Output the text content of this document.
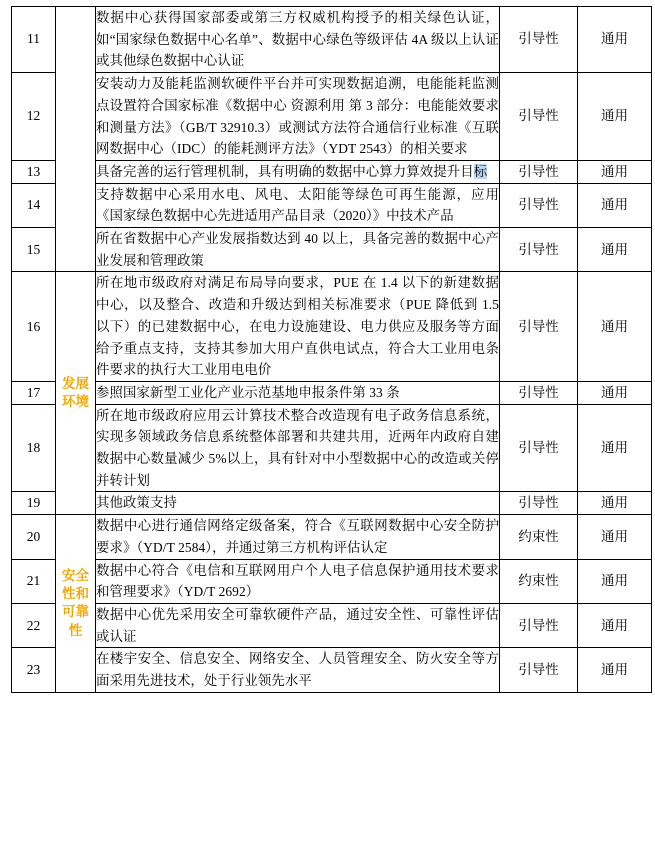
11		数据中心获得国家部委或第三方权威机构授予的相关绿色认证，如“国家绿色数据中心名单”、数据中心绿色等级评估 4A 级以上认证或其他绿色数据中心认证	引导性	通用
12		安装动力及能耗监测软硬件平台并可实现数据追溯，电能能耗监测点设置符合国家标准《数据中心 资源利用 第 3 部分：电能能效要求和测量方法》（GB/T 32910.3）或测试方法符合通信行业标准《互联网数据中心（IDC）的能耗测评方法》（YDT 2543）的相关要求	引导性	通用
13		具备完善的运行管理机制，具有明确的数据中心算力算效提升目标	引导性	通用
14		支持数据中心采用水电、风电、太阳能等绿色可再生能源，应用《国家绿色数据中心先进适用产品目录（2020）》中技术产品	引导性	通用
15		所在省数据中心产业发展指数达到 40 以上，具备完善的数据中心产业发展和管理政策	引导性	通用
16	发展环境	所在地市级政府对满足布局导向要求，PUE 在 1.4 以下的新建数据中心，以及整合、改造和升级达到相关标准要求（PUE 降低到 1.5 以下）的已建数据中心，在电力设施建设、电力供应及服务等方面给予重点支持，支持其参加大用户直供电试点，符合大工业用电条件要求的执行大工业用电电价	引导性	通用
17		参照国家新型工业化产业示范基地申报条件第 33 条	引导性	通用
18		所在地市级政府应用云计算技术整合改造现有电子政务信息系统，实现多领域政务信息系统整体部署和共建共用，近两年内政府自建数据中心数量减少 5%以上，具有针对中小型数据中心的改造或关停并转计划	引导性	通用
19		其他政策支持	引导性	通用
20	安全性和可靠性	数据中心进行通信网络定级备案，符合《互联网数据中心安全防护要求》（YD/T 2584），并通过第三方机构评估认定	约束性	通用
21		数据中心符合《电信和互联网用户个人电子信息保护通用技术要求和管理要求》（YD/T 2692）	约束性	通用
22		数据中心优先采用安全可靠软硬件产品，通过安全性、可靠性评估或认证	引导性	通用
23		在楼宇安全、信息安全、网络安全、人员管理安全、防火安全等方面采用先进技术，处于行业领先水平	引导性	通用
